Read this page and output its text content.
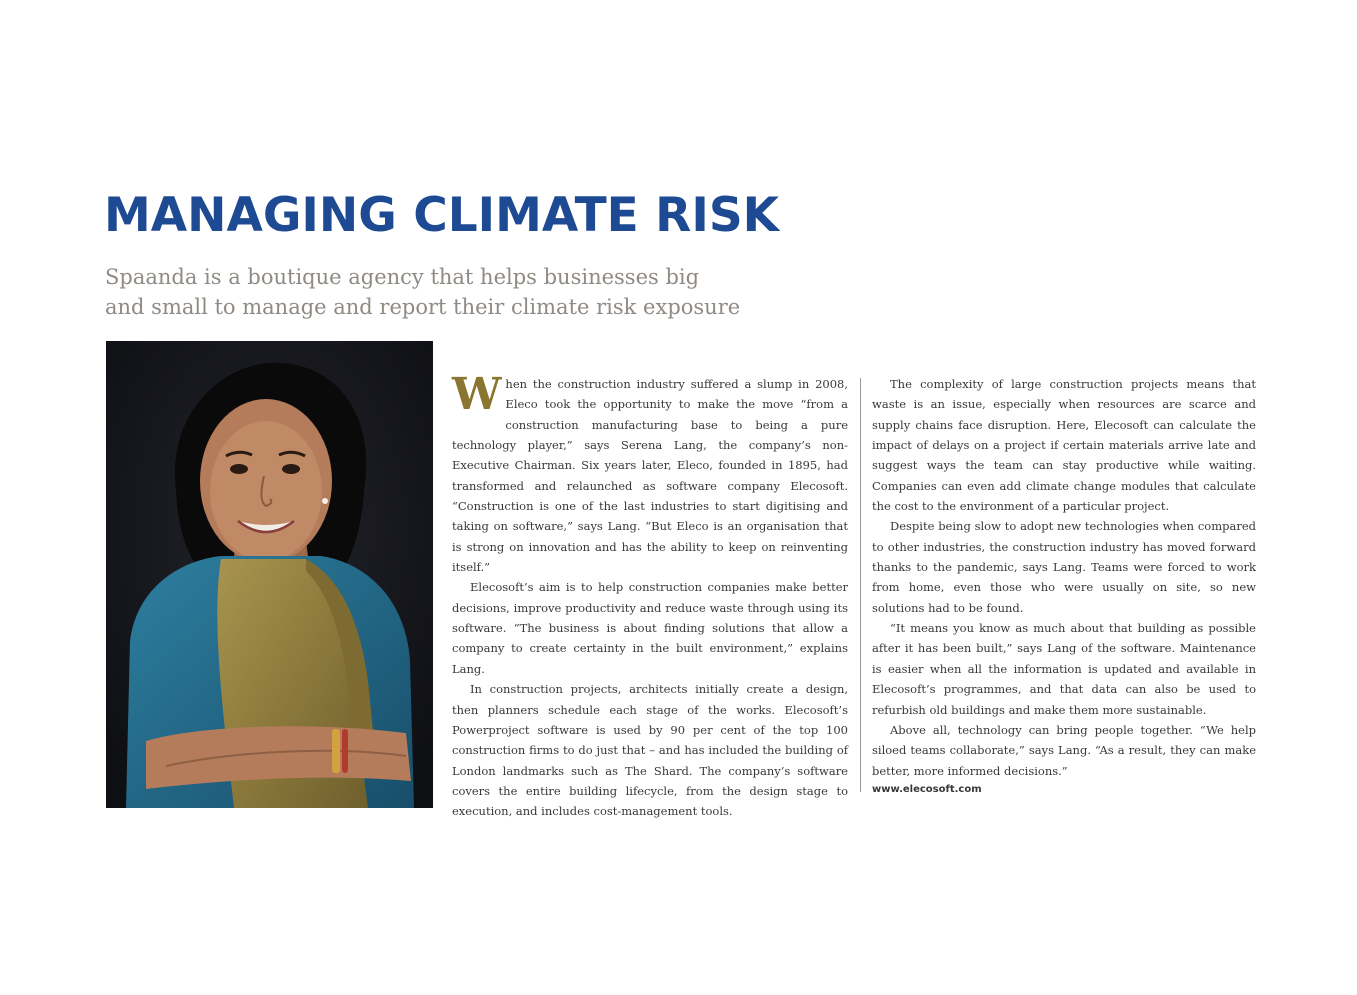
MANAGING CLIMATE RISK

Spaanda is a boutique agency that helps businesses big and small to manage and report their climate risk exposure

When the construction industry suffered a slump in 2008, Eleco took the opportunity to make the move “from a construction manufacturing base to being a pure technology player,” says Serena Lang, the company’s non-Executive Chairman. Six years later, Eleco, founded in 1895, had transformed and relaunched as software company Elecosoft. “Construction is one of the last industries to start digitising and taking on software,” says Lang. “But Eleco is an organisation that is strong on innovation and has the ability to keep on reinventing itself.”

Elecosoft’s aim is to help construction companies make better decisions, improve productivity and reduce waste through using its software. “The business is about finding solutions that allow a company to create certainty in the built environment,” explains Lang.

In construction projects, architects initially create a design, then planners schedule each stage of the works. Elecosoft’s Powerproject software is used by 90 per cent of the top 100 construction firms to do just that – and has included the building of London landmarks such as The Shard. The company’s software covers the entire building lifecycle, from the design stage to execution, and includes cost-management tools.

The complexity of large construction projects means that waste is an issue, especially when resources are scarce and supply chains face disruption. Here, Elecosoft can calculate the impact of delays on a project if certain materials arrive late and suggest ways the team can stay productive while waiting. Companies can even add climate change modules that calculate the cost to the environment of a particular project.

Despite being slow to adopt new technologies when compared to other industries, the construction industry has moved forward thanks to the pandemic, says Lang. Teams were forced to work from home, even those who were usually on site, so new solutions had to be found.

“It means you know as much about that building as possible after it has been built,” says Lang of the software. Maintenance is easier when all the information is updated and available in Elecosoft’s programmes, and that data can also be used to refurbish old buildings and make them more sustainable.

Above all, technology can bring people together. “We help siloed teams collaborate,” says Lang. “As a result, they can make better, more informed decisions.”

www.elecosoft.com
